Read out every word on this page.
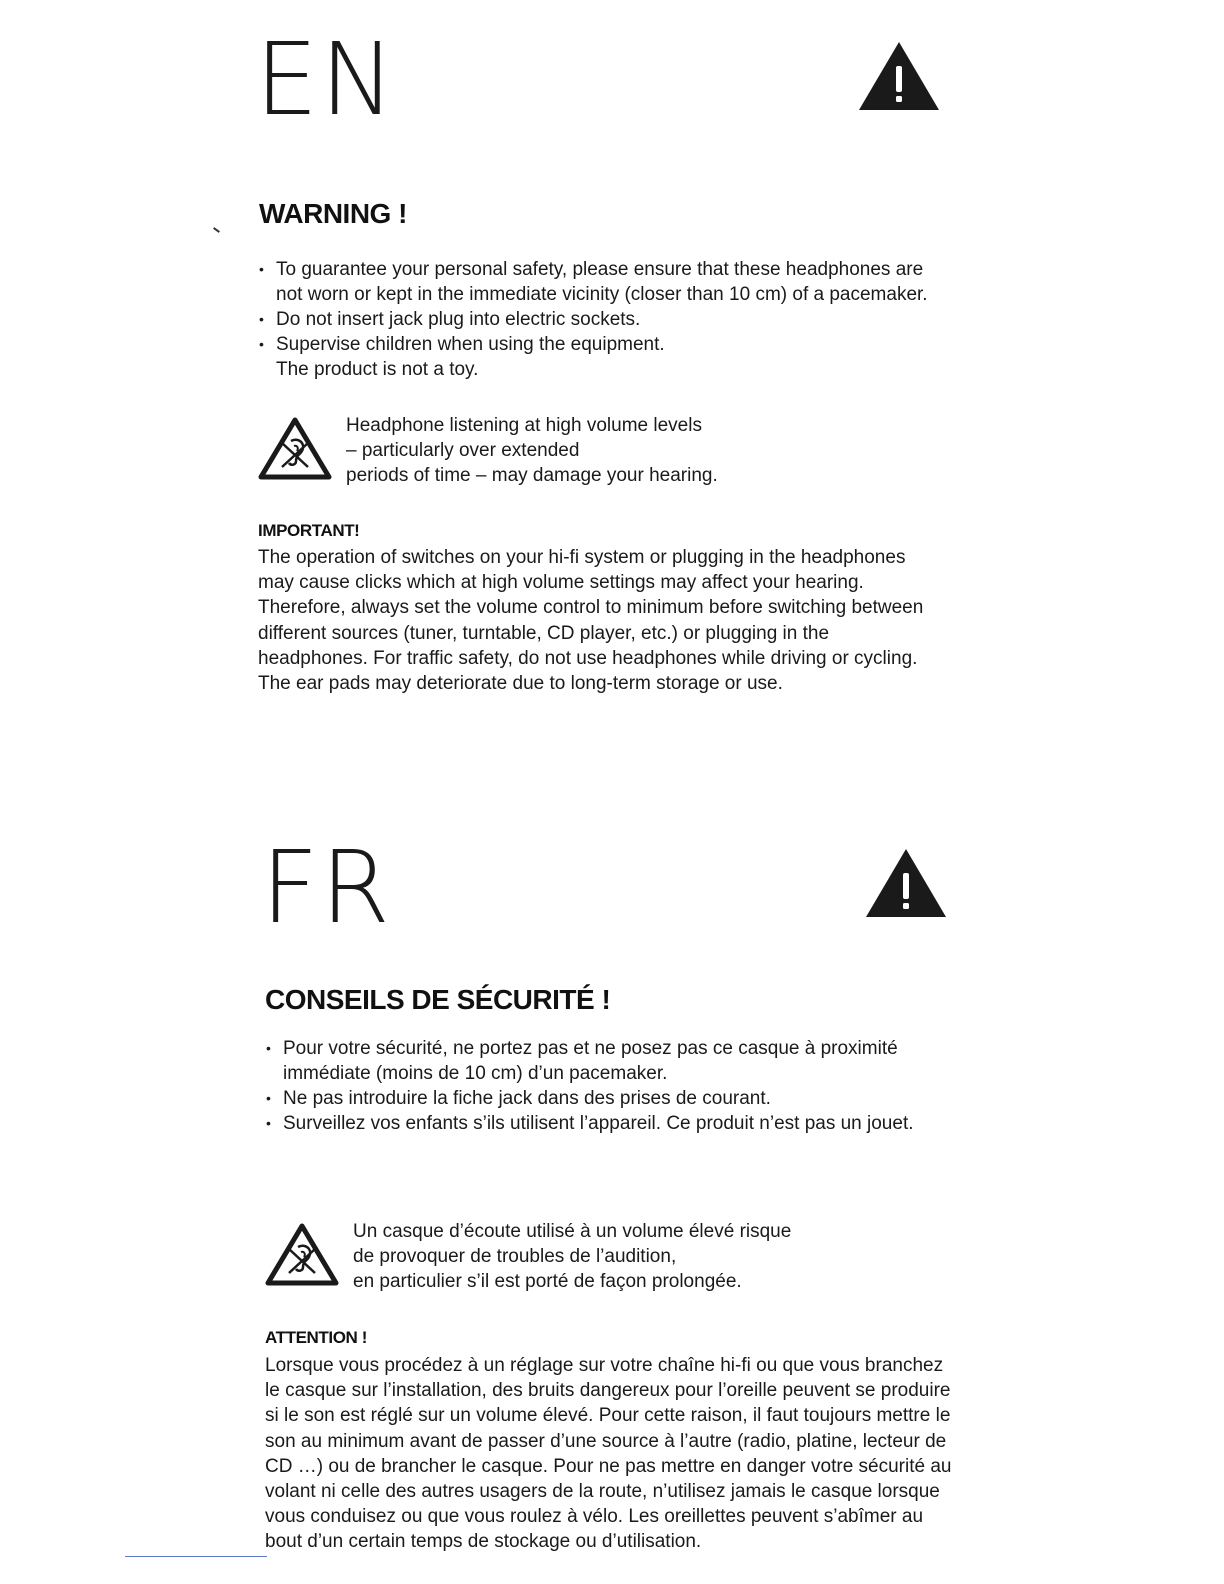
EN
WARNING !
• To guarantee your personal safety, please ensure that these headphones are
not worn or kept in the immediate vicinity (closer than 10 cm) of a pacemaker.
• Do not insert jack plug into electric sockets.
• Supervise children when using the equipment.
The product is not a toy.

Headphone listening at high volume levels

– particularly over extended

periods of time – may damage your hearing.

IMPORTANT!

The operation of switches on your hi-fi system or plugging in the headphones
may cause clicks which at high volume settings may affect your hearing.
Therefore, always set the volume control to minimum before switching between
different sources (tuner, turntable, CD player, etc.) or plugging in the
headphones. For traffic safety, do not use headphones while driving or cycling.
The ear pads may deteriorate due to long-term storage or use.

FR
CONSEILS DE SÉCURITÉ !
• Pour votre sécurité, ne portez pas et ne posez pas ce casque à proximité
immédiate (moins de 10 cm) d’un pacemaker.
• Ne pas introduire la fiche jack dans des prises de courant.
• Surveillez vos enfants s’ils utilisent l’appareil. Ce produit n’est pas un jouet.

Un casque d’écoute utilisé à un volume élevé risque

de provoquer de troubles de l’audition,

en particulier s’il est porté de façon prolongée.

ATTENTION !

Lorsque vous procédez à un réglage sur votre chaîne hi-fi ou que vous branchez
le casque sur l’installation, des bruits dangereux pour l’oreille peuvent se produire
si le son est réglé sur un volume élevé. Pour cette raison, il faut toujours mettre le
son au minimum avant de passer d’une source à l’autre (radio, platine, lecteur de
CD …) ou de brancher le casque. Pour ne pas mettre en danger votre sécurité au
volant ni celle des autres usagers de la route, n’utilisez jamais le casque lorsque
vous conduisez ou que vous roulez à vélo. Les oreillettes peuvent s’abîmer au
bout d’un certain temps de stockage ou d’utilisation.
